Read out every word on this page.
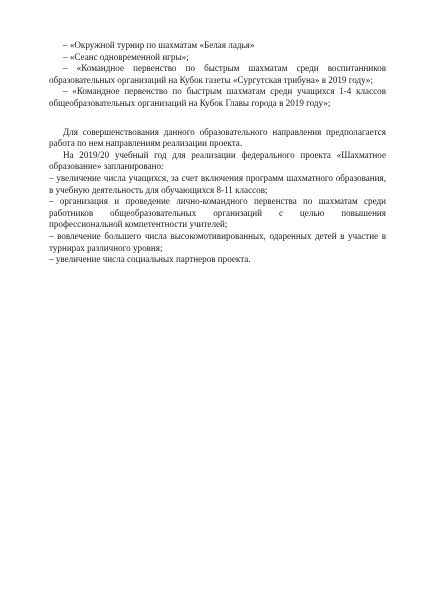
– «Окружной турнир по шахматам «Белая ладья»

– «Сеанс одновременной игры»;

– «Командное первенство по быстрым шахматам среди воспитанников образовательных организаций на Кубок газеты «Сургутская трибуна» в 2019 году»;

– «Командное первенство по быстрым шахматам среди учащихся 1-4 классов общеобразовательных организаций на Кубок Главы города в 2019 году»;

Для совершенствования данного образовательного направления предполагается работа по нем направлениям реализации проекта.

На 2019/20 учебный год для реализации федерального проекта «Шахматное образование» запланировано:

– увеличение числа учащихся, за счет включения программ шахматного образования, в учебную деятельность для обучающихся 8-11 классов;

– организация и проведение лично-командного первенства по шахматам среди работников общеобразовательных организаций с целью повышения профессиональной компетентности учителей;

– вовлечение большего числа высокомотивированных, одаренных детей в участие в турнирах различного уровня;

– увеличение числа социальных партнеров проекта.
